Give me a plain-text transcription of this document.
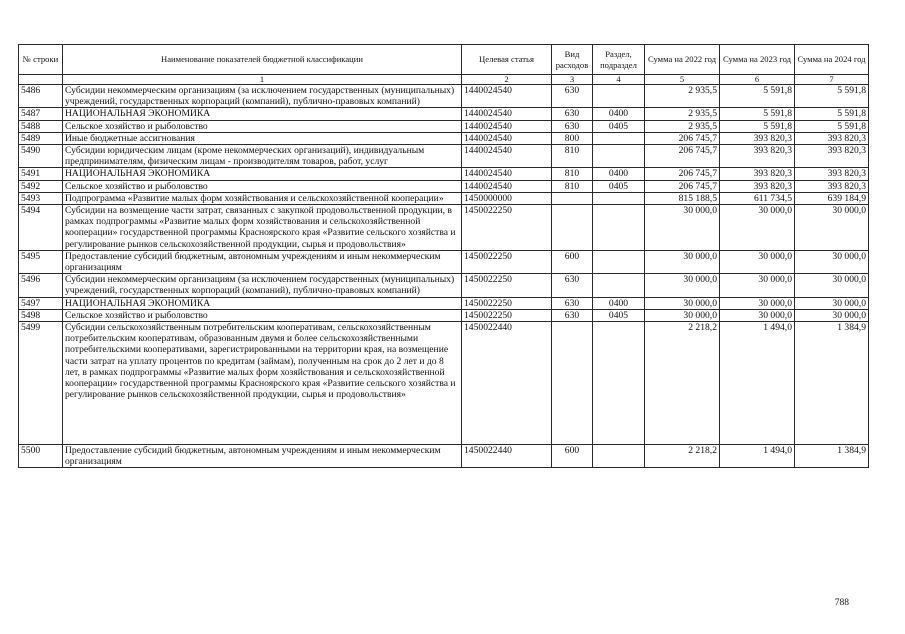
№ строки	Наименование показателей бюджетной классификации	Целевая статья	Вид расходов	Раздел, подраздел	Сумма на 2022 год	Сумма на 2023 год	Сумма на 2024 год
	1	2	3	4	5	6	7
5486	Субсидии некоммерческим организациям (за исключением государственных (муниципальных) учреждений, государственных корпораций (компаний), публично-правовых компаний)	1440024540	630		2 935,5	5 591,8	5 591,8
5487	НАЦИОНАЛЬНАЯ ЭКОНОМИКА	1440024540	630	0400	2 935,5	5 591,8	5 591,8
5488	Сельское хозяйство и рыболовство	1440024540	630	0405	2 935,5	5 591,8	5 591,8
5489	Иные бюджетные ассигнования	1440024540	800		206 745,7	393 820,3	393 820,3
5490	Субсидии юридическим лицам (кроме некоммерческих организаций), индивидуальным предпринимателям, физическим лицам - производителям товаров, работ, услуг	1440024540	810		206 745,7	393 820,3	393 820,3
5491	НАЦИОНАЛЬНАЯ ЭКОНОМИКА	1440024540	810	0400	206 745,7	393 820,3	393 820,3
5492	Сельское хозяйство и рыболовство	1440024540	810	0405	206 745,7	393 820,3	393 820,3
5493	Подпрограмма «Развитие малых форм хозяйствования и сельскохозяйственной кооперации»	1450000000			815 188,5	611 734,5	639 184,9
5494	Субсидии на возмещение части затрат, связанных с закупкой продовольственной продукции, в рамках подпрограммы «Развитие малых форм хозяйствования и сельскохозяйственной кооперации» государственной программы Красноярского края «Развитие сельского хозяйства и регулирование рынков сельскохозяйственной продукции, сырья и продовольствия»	1450022250			30 000,0	30 000,0	30 000,0
5495	Предоставление субсидий бюджетным, автономным учреждениям и иным некоммерческим организациям	1450022250	600		30 000,0	30 000,0	30 000,0
5496	Субсидии некоммерческим организациям (за исключением государственных (муниципальных) учреждений, государственных корпораций (компаний), публично-правовых компаний)	1450022250	630		30 000,0	30 000,0	30 000,0
5497	НАЦИОНАЛЬНАЯ ЭКОНОМИКА	1450022250	630	0400	30 000,0	30 000,0	30 000,0
5498	Сельское хозяйство и рыболовство	1450022250	630	0405	30 000,0	30 000,0	30 000,0
5499	Субсидии сельскохозяйственным потребительским кооперативам, сельскохозяйственным потребительским кооперативам, образованным двумя и более сельскохозяйственными потребительскими кооперативами, зарегистрированными на территории края, на возмещение части затрат на уплату процентов по кредитам (займам), полученным на срок до 2 лет и до 8 лет, в рамках подпрограммы «Развитие малых форм хозяйствования и сельскохозяйственной кооперации» государственной программы Красноярского края «Развитие сельского хозяйства и регулирование рынков сельскохозяйственной продукции, сырья и продовольствия»	1450022440			2 218,2	1 494,0	1 384,9
5500	Предоставление субсидий бюджетным, автономным учреждениям и иным некоммерческим организациям	1450022440	600		2 218,2	1 494,0	1 384,9
788
